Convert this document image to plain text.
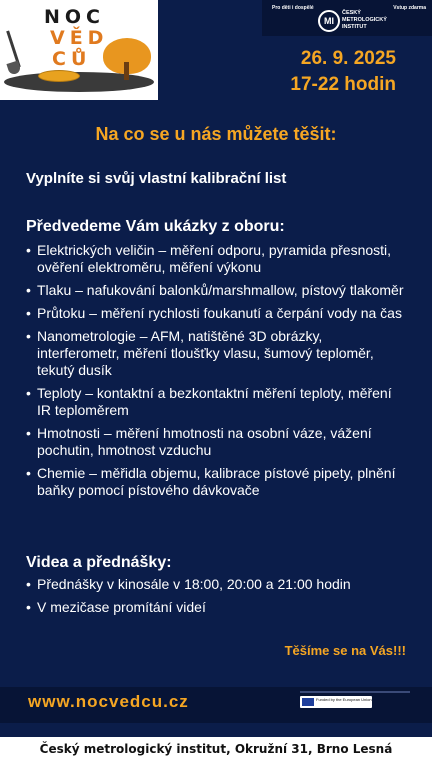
NOC
VĚD
CŮ
Pro děti i dospělé
MI
ČESKÝ METROLOGICKÝ INSTITUT
Vstup zdarma
26. 9. 2025
17-22 hodin
Na co se u nás můžete těšit:
Vyplníte si svůj vlastní kalibrační list
Předvedeme Vám ukázky z oboru:
• Elektrických veličin – měření odporu, pyramida přesnosti, ověření elektroměru, měření výkonu
• Tlaku – nafukování balonků/marshmallow, pístový tlakoměr
• Průtoku – měření rychlosti foukanutí a čerpání vody na čas
• Nanometrologie – AFM, natištěné 3D obrázky, interferometr, měření tloušťky vlasu, šumový teploměr, tekutý dusík
• Teploty – kontaktní a bezkontaktní měření teploty, měření IR teploměrem
• Hmotnosti – měření hmotnosti na osobní váze, vážení pochutin, hmotnost vzduchu
• Chemie – měřidla objemu, kalibrace pístové pipety, plnění baňky pomocí pístového dávkovače
Videa a přednášky:
• Přednášky v kinosále v 18:00, 20:00 a 21:00 hodin
• V mezičase promítání videí
Těšíme se na Vás!!!
www.nocvedcu.cz	Funded by the European Union
Český metrologický institut, Okružní 31, Brno Lesná
